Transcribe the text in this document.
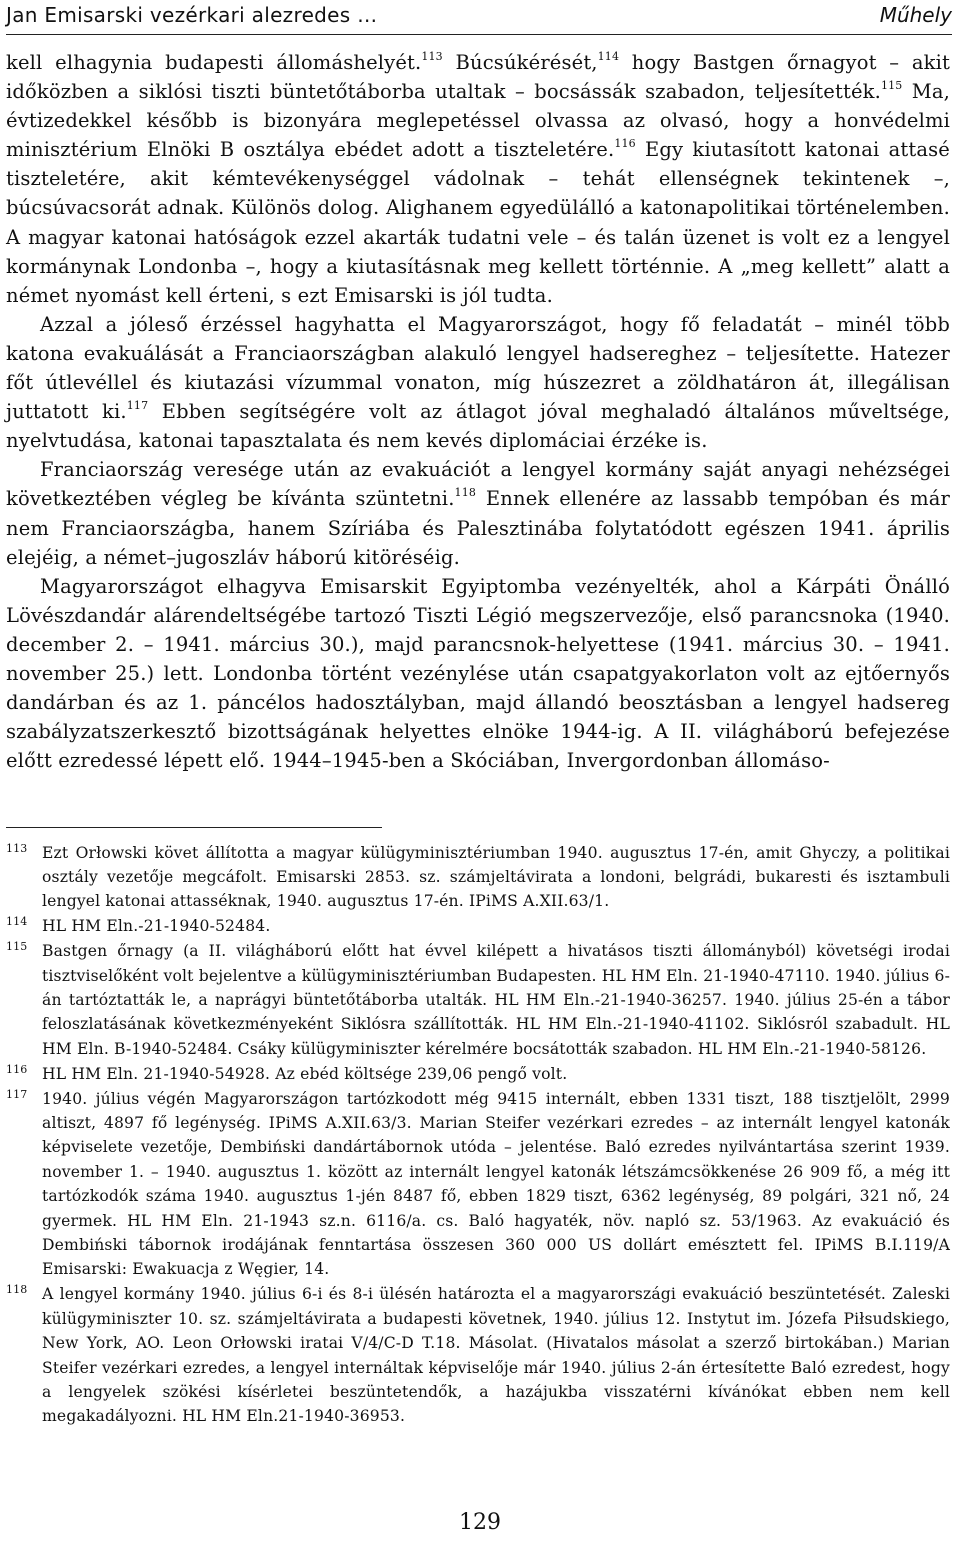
Jan Emisarski vezérkari alezredes …	Műhely

kell elhagynia budapesti állomáshelyét.$^{113}$ Búcsúkérését,$^{114}$ hogy Bastgen őrnagyot – akit időközben a siklósi tiszti büntetőtáborba utaltak – bocsássák szabadon, teljesítették.$^{115}$ Ma, évtizedekkel később is bizonyára meglepetéssel olvassa az olvasó, hogy a honvédelmi minisztérium Elnöki B osztálya ebédet adott a tiszteletére.$^{116}$ Egy kiutasított katonai attasé tiszteletére, akit kémtevékenységgel vádolnak – tehát ellenségnek tekintenek –, búcsúvacsorát adnak. Különös dolog. Alighanem egyedülálló a katonapolitikai történelemben. A magyar katonai hatóságok ezzel akarták tudatni vele – és talán üzenet is volt ez a lengyel kormánynak Londonba –, hogy a kiutasításnak meg kellett történnie. A „meg kellett” alatt a német nyomást kell érteni, s ezt Emisarski is jól tudta.

Azzal a jóleső érzéssel hagyhatta el Magyarországot, hogy fő feladatát – minél több katona evakuálását a Franciaországban alakuló lengyel hadsereghez – teljesítette. Hatezer főt útlevéllel és kiutazási vízummal vonaton, míg húszezret a zöldhatáron át, illegálisan juttatott ki.$^{117}$ Ebben segítségére volt az átlagot jóval meghaladó általános műveltsége, nyelvtudása, katonai tapasztalata és nem kevés diplomáciai érzéke is.

Franciaország veresége után az evakuációt a lengyel kormány saját anyagi nehézségei következtében végleg be kívánta szüntetni.$^{118}$ Ennek ellenére az lassabb tempóban és már nem Franciaországba, hanem Szíriába és Palesztinába folytatódott egészen 1941. április elejéig, a német–jugoszláv háború kitöréséig.

Magyarországot elhagyva Emisarskit Egyiptomba vezényelték, ahol a Kárpáti Önálló Lövészdandár alárendeltségébe tartozó Tiszti Légió megszervezője, első parancsnoka (1940. december 2. – 1941. március 30.), majd parancsnok-helyettese (1941. március 30. – 1941. november 25.) lett. Londonba történt vezénylése után csapatgyakorlaton volt az ejtőernyős dandárban és az 1. páncélos hadosztályban, majd állandó beosztásban a lengyel hadsereg szabályzatszerkesztő bizottságának helyettes elnöke 1944-ig. A II. világháború befejezése előtt ezredessé lépett elő. 1944–1945-ben a Skóciában, Invergordonban állomáso-

113 Ezt Orłowski követ állította a magyar külügyminisztériumban 1940. augusztus 17-én, amit Ghyczy, a politikai osztály vezetője megcáfolt. Emisarski 2853. sz. számjeltávirata a londoni, belgrádi, bukaresti és isztambuli lengyel katonai attasséknak, 1940. augusztus 17-én. IPiMS A.XII.63/1.
114 HL HM Eln.-21-1940-52484.
115 Bastgen őrnagy (a II. világháború előtt hat évvel kilépett a hivatásos tiszti állományból) követségi irodai tisztviselőként volt bejelentve a külügyminisztériumban Budapesten. HL HM Eln. 21-1940-47110. 1940. július 6-án tartóztatták le, a naprágyi büntetőtáborba utalták. HL HM Eln.-21-1940-36257. 1940. július 25-én a tábor feloszlatásának következményeként Siklósra szállították. HL HM Eln.-21-1940-41102. Siklósról szabadult. HL HM Eln. B-1940-52484. Csáky külügyminiszter kérelmére bocsátották szabadon. HL HM Eln.-21-1940-58126.
116 HL HM Eln. 21-1940-54928. Az ebéd költsége 239,06 pengő volt.
117 1940. július végén Magyarországon tartózkodott még 9415 internált, ebben 1331 tiszt, 188 tisztjelölt, 2999 altiszt, 4897 fő legénység. IPiMS A.XII.63/3. Marian Steifer vezérkari ezredes – az internált lengyel katonák képviselete vezetője, Dembiński dandártábornok utóda – jelentése. Baló ezredes nyilvántartása szerint 1939. november 1. – 1940. augusztus 1. között az internált lengyel katonák létszámcsökkenése 26 909 fő, a még itt tartózkodók száma 1940. augusztus 1-jén 8487 fő, ebben 1829 tiszt, 6362 legénység, 89 polgári, 321 nő, 24 gyermek. HL HM Eln. 21-1943 sz.n. 6116/a. cs. Baló hagyaték, növ. napló sz. 53/1963. Az evakuáció és Dembiński tábornok irodájának fenntartása összesen 360 000 US dollárt emésztett fel. IPiMS B.I.119/A Emisarski: Ewakuacja z Węgier, 14.
118 A lengyel kormány 1940. július 6-i és 8-i ülésén határozta el a magyarországi evakuáció beszüntetését. Zaleski külügyminiszter 10. sz. számjeltávirata a budapesti követnek, 1940. július 12. Instytut im. Józefa Piłsudskiego, New York, AO. Leon Orłowski iratai V/4/C-D T.18. Másolat. (Hivatalos másolat a szerző birtokában.) Marian Steifer vezérkari ezredes, a lengyel internáltak képviselője már 1940. július 2-án értesítette Baló ezredest, hogy a lengyelek szökési kísérletei beszüntetendők, a hazájukba visszatérni kívánókat ebben nem kell megakadályozni. HL HM Eln.21-1940-36953.
129
